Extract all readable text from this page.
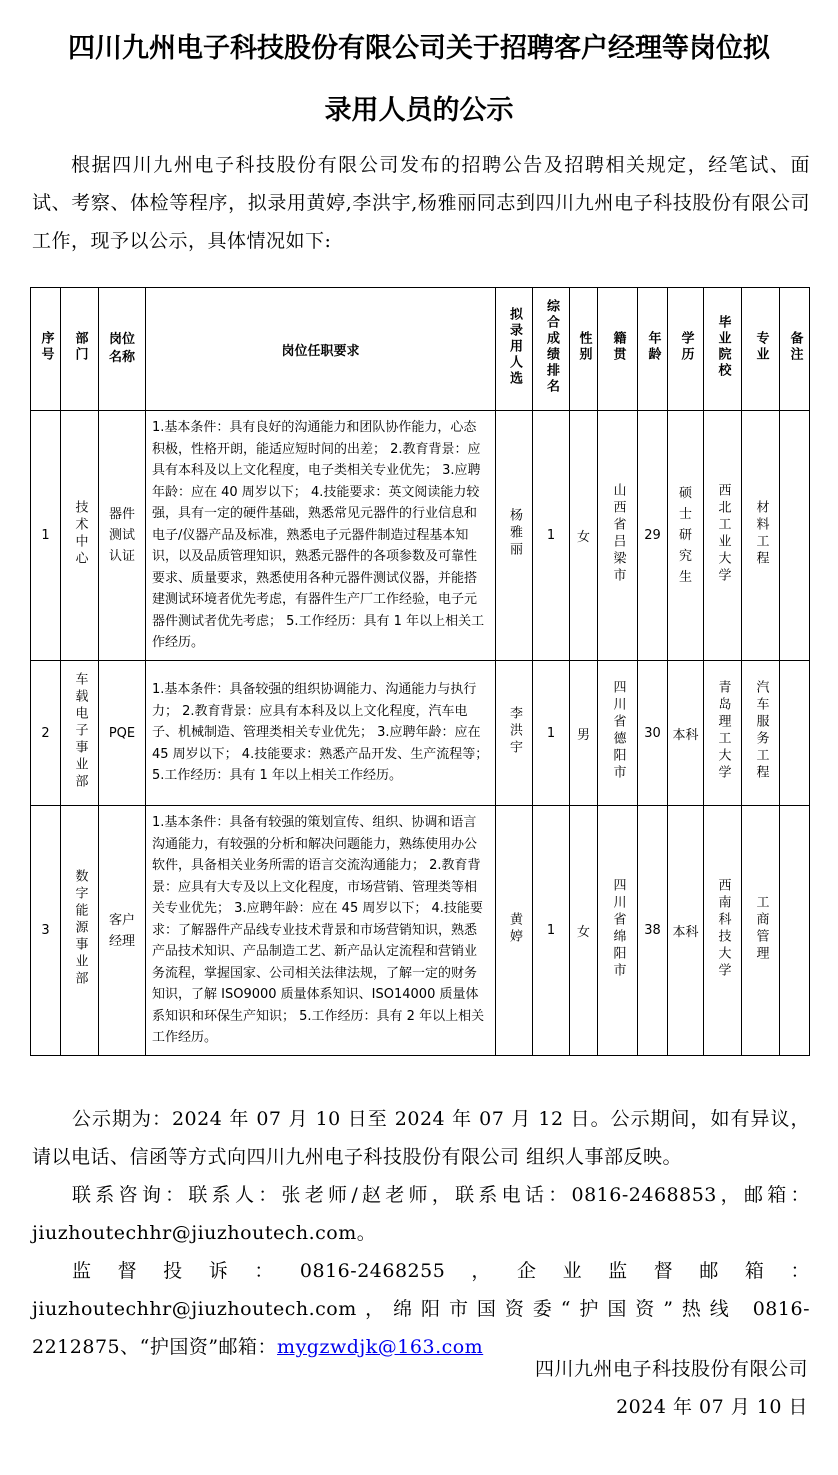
四川九州电子科技股份有限公司关于招聘客户经理等岗位拟
录用人员的公示
根据四川九州电子科技股份有限公司发布的招聘公告及招聘相关规定，经笔试、面试、考察、体检等程序，拟录用黄婷,李洪宇,杨雅丽同志到四川九州电子科技股份有限公司工作，现予以公示，具体情况如下:
序号	部门	岗位名称	岗位任职要求	拟录用人选	综合成绩排名	性别	籍贯	年龄	学历	毕业院校	专业	备注
1	技术中心	器件测试认证	1.基本条件：具有良好的沟通能力和团队协作能力，心态积极，性格开朗，能适应短时间的出差； 2.教育背景：应具有本科及以上文化程度，电子类相关专业优先； 3.应聘年龄：应在 40 周岁以下； 4.技能要求：英文阅读能力较强，具有一定的硬件基础，熟悉常见元器件的行业信息和电子/仪器产品及标准，熟悉电子元器件制造过程基本知识，以及品质管理知识，熟悉元器件的各项参数及可靠性要求、质量要求，熟悉使用各种元器件测试仪器，并能搭建测试环境者优先考虑，有器件生产厂工作经验，电子元器件测试者优先考虑； 5.工作经历：具有 1 年以上相关工作经历。	杨雅丽	1	女	山西省吕梁市	29	硕士研究生	西北工业大学	材料工程	
2	车载电子事业部	PQE	1.基本条件：具备较强的组织协调能力、沟通能力与执行力； 2.教育背景：应具有本科及以上文化程度，汽车电子、机械制造、管理类相关专业优先； 3.应聘年龄：应在 45 周岁以下； 4.技能要求：熟悉产品开发、生产流程等； 5.工作经历：具有 1 年以上相关工作经历。	李洪宇	1	男	四川省德阳市	30	本科	青岛理工大学	汽车服务工程	
3	数字能源事业部	客户经理	1.基本条件：具备有较强的策划宣传、组织、协调和语言沟通能力，有较强的分析和解决问题能力，熟练使用办公软件，具备相关业务所需的语言交流沟通能力； 2.教育背景：应具有大专及以上文化程度，市场营销、管理类等相关专业优先； 3.应聘年龄：应在 45 周岁以下； 4.技能要求：了解器件产品线专业技术背景和市场营销知识，熟悉产品技术知识、产品制造工艺、新产品认定流程和营销业务流程，掌握国家、公司相关法律法规，了解一定的财务知识，了解 ISO9000 质量体系知识、ISO14000 质量体系知识和环保生产知识； 5.工作经历：具有 2 年以上相关工作经历。	黄婷	1	女	四川省绵阳市	38	本科	西南科技大学	工商管理	

公示期为：2024 年 07 月 10 日至 2024 年 07 月 12 日。公示期间，如有异议，请以电话、信函等方式向四川九州电子科技股份有限公司 组织人事部反映。

联系咨询：联系人：张老师/赵老师，联系电话：0816-2468853，邮箱：jiuzhoutechhr@jiuzhoutech.com。

监督投诉：0816-2468255，企业监督邮箱：jiuzhoutechhr@jiuzhoutech.com，绵阳市国资委“护国资”热线 0816-2212875、“护国资”邮箱：mygzwdjk@163.com

四川九州电子科技股份有限公司
2024 年 07 月 10 日
